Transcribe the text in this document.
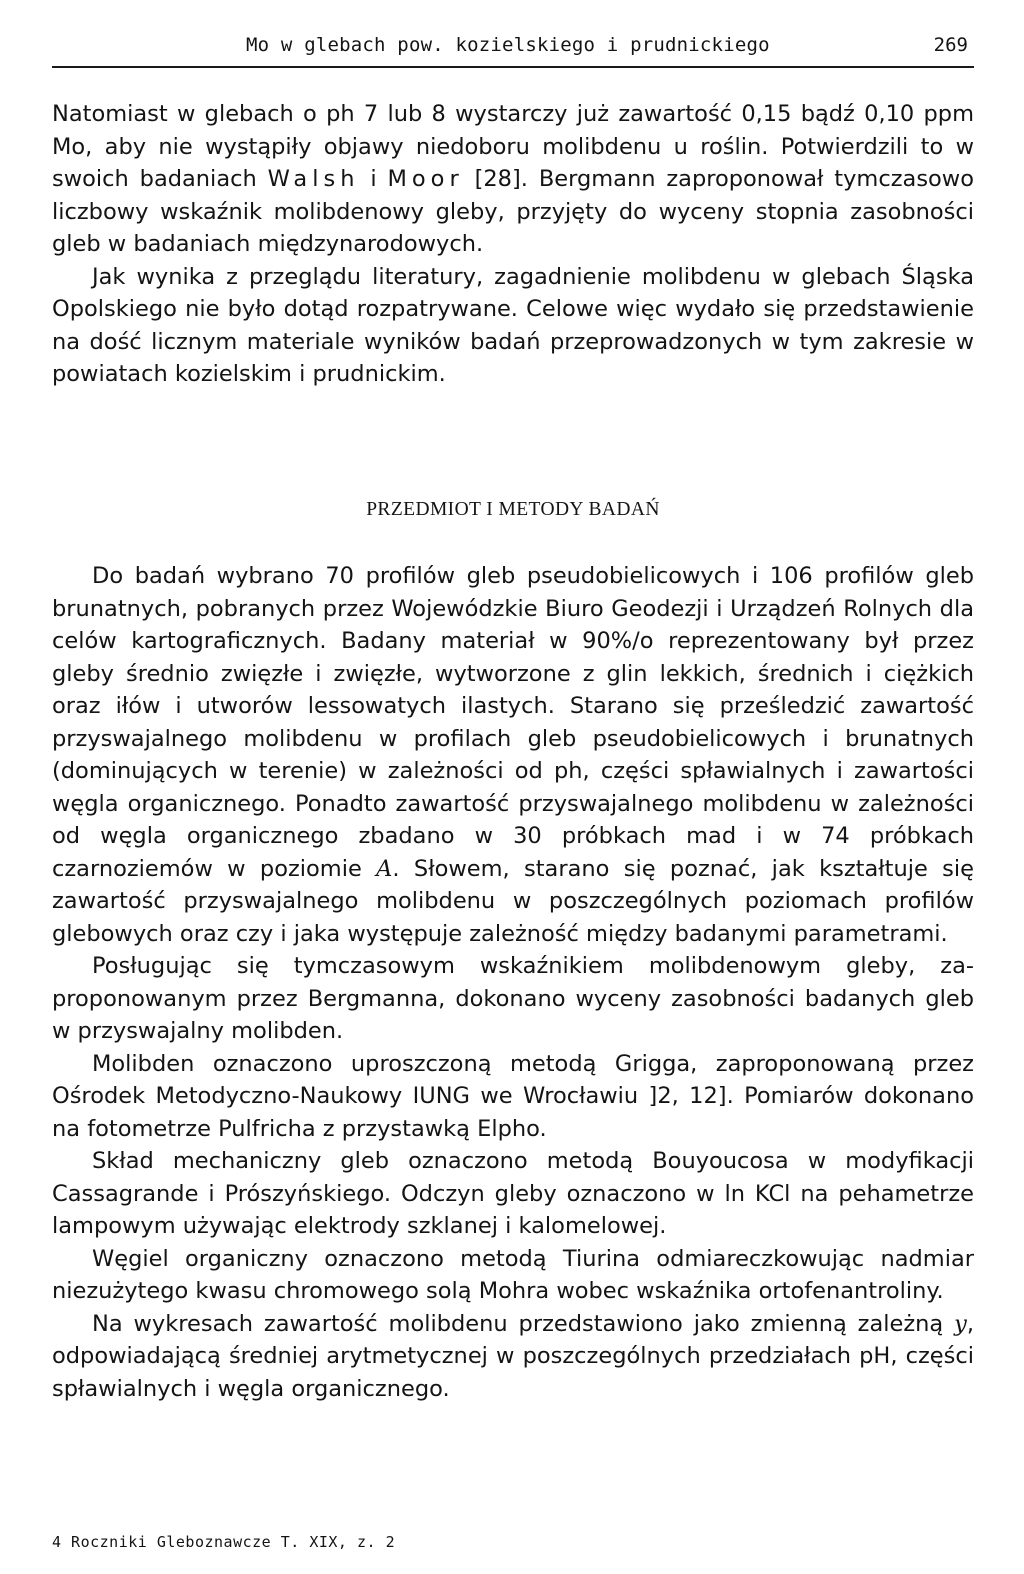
Mo w glebach pow. kozielskiego i prudnickiego	269

Natomiast w glebach o ph 7 lub 8 wystarczy już zawartość 0,15 bądź 0,10 ppm Mo, aby nie wystąpiły objawy niedoboru molibdenu u roślin. Potwierdzili to w swoich badaniach Walsh i Moor [28]. Bergmann zaproponował tymczasowo liczbowy wskaźnik molibdenowy gleby, przyjęty do wyceny stopnia zasobności gleb w badaniach międzynarodowych.

Jak wynika z przeglądu literatury, zagadnienie molibdenu w glebach Śląska Opolskiego nie było dotąd rozpatrywane. Celowe więc wydało się przedstawienie na dość licznym materiale wyników badań przeprowadzonych w tym zakresie w powiatach kozielskim i prudnickim.

PRZEDMIOT I METODY BADAŃ

Do badań wybrano 70 profilów gleb pseudobielicowych i 106 profilów gleb brunatnych, pobranych przez Wojewódzkie Biuro Geodezji i Urządzeń Rolnych dla celów kartograficznych. Badany materiał w 90%/o reprezentowany był przez gleby średnio zwięzłe i zwięzłe, wytworzone z glin lekkich, średnich i ciężkich oraz iłów i utworów lessowatych ilastych. Starano się prześledzić zawartość przyswajalnego molibdenu w profilach gleb pseudobielicowych i brunatnych (dominujących w terenie) w zależności od ph, części spławialnych i zawartości węgla organicznego. Ponadto zawartość przyswajalnego molibdenu w zależności od węgla organicznego zbadano w 30 próbkach mad i w 74 próbkach czarnoziemów w poziomie A. Słowem, starano się poznać, jak kształtuje się zawartość przyswajalnego molibdenu w poszczególnych poziomach profilów glebowych oraz czy i jaka występuje zależność między badanymi parametrami.

Posługując się tymczasowym wskaźnikiem molibdenowym gleby, zaproponowanym przez Bergmanna, dokonano wyceny zasobności badanych gleb w przyswajalny molibden.

Molibden oznaczono uproszczoną metodą Grigga, zaproponowaną przez Ośrodek Metodyczno-Naukowy IUNG we Wrocławiu ]2, 12]. Pomiarów dokonano na fotometrze Pulfricha z przystawką Elpho.

Skład mechaniczny gleb oznaczono metodą Bouyoucosa w modyfikacji Cassagrande i Prószyńskiego. Odczyn gleby oznaczono w ln KCl na pehametrze lampowym używając elektrody szklanej i kalomelowej.

Węgiel organiczny oznaczono metodą Tiurina odmiareczkowując nadmiar niezużytego kwasu chromowego solą Mohra wobec wskaźnika ortofenantroliny.

Na wykresach zawartość molibdenu przedstawiono jako zmienną zależną y, odpowiadającą średniej arytmetycznej w poszczególnych przedziałach pH, części spławialnych i węgla organicznego.

4 Roczniki Gleboznawcze T. XIX, z. 2
